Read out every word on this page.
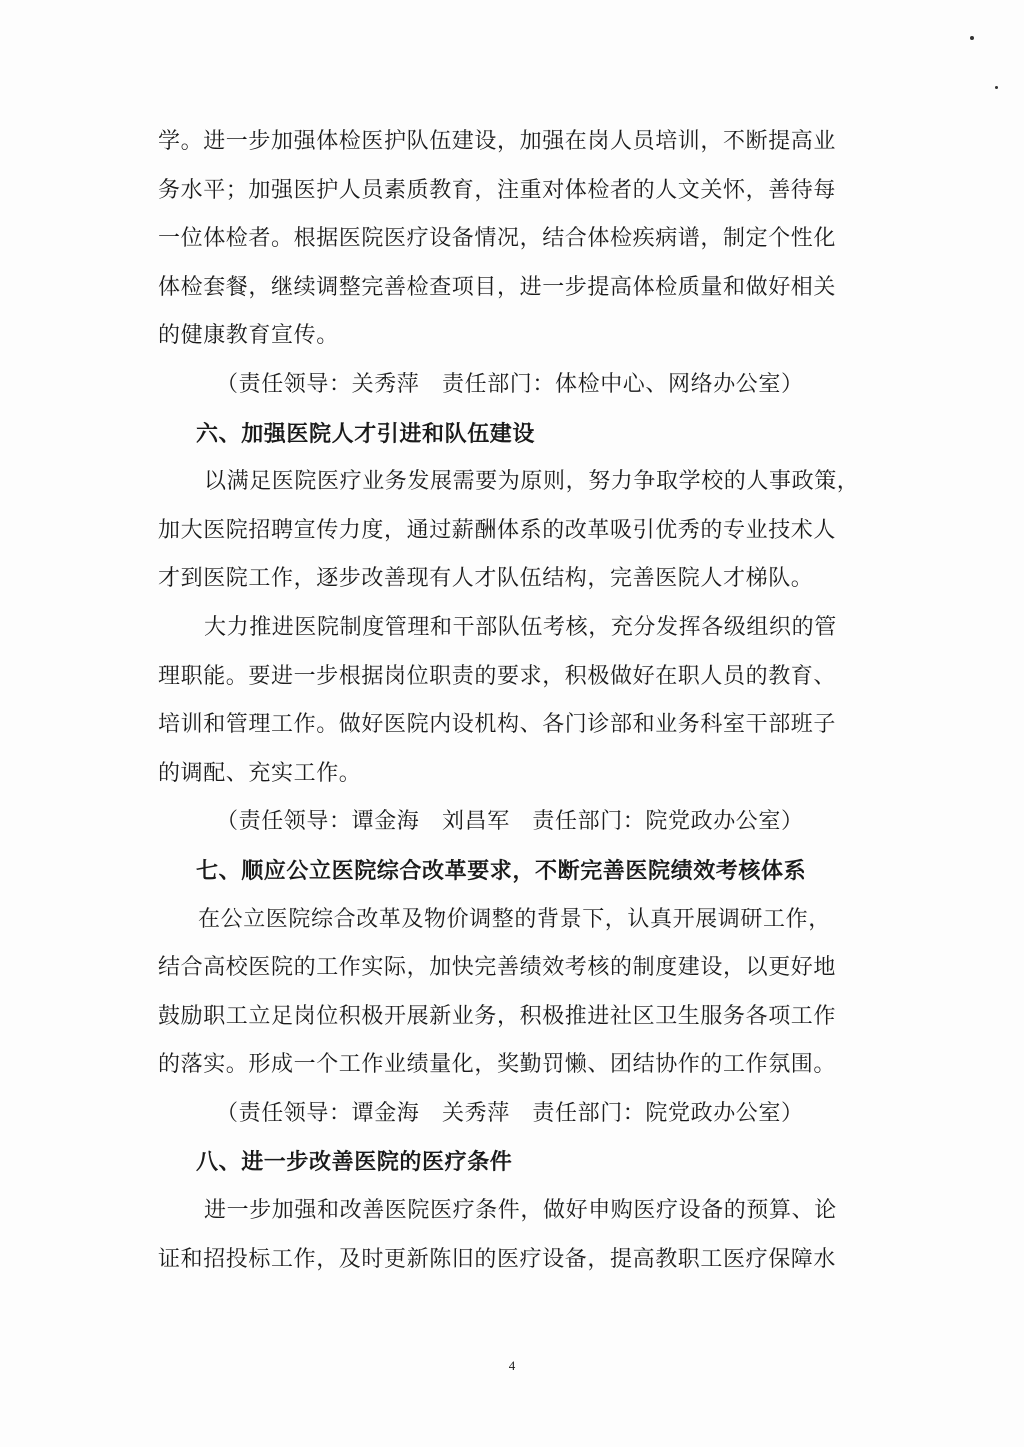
学。进一步加强体检医护队伍建设，加强在岗人员培训，不断提高业
务水平；加强医护人员素质教育，注重对体检者的人文关怀，善待每
一位体检者。根据医院医疗设备情况，结合体检疾病谱，制定个性化
体检套餐，继续调整完善检查项目，进一步提高体检质量和做好相关
的健康教育宣传。
（责任领导：关秀萍　责任部门：体检中心、网络办公室）
六、加强医院人才引进和队伍建设
以满足医院医疗业务发展需要为原则，努力争取学校的人事政策，
加大医院招聘宣传力度，通过薪酬体系的改革吸引优秀的专业技术人
才到医院工作，逐步改善现有人才队伍结构，完善医院人才梯队。
大力推进医院制度管理和干部队伍考核，充分发挥各级组织的管
理职能。要进一步根据岗位职责的要求，积极做好在职人员的教育、
培训和管理工作。做好医院内设机构、各门诊部和业务科室干部班子
的调配、充实工作。
（责任领导：谭金海　刘昌军　责任部门：院党政办公室）
七、顺应公立医院综合改革要求，不断完善医院绩效考核体系
在公立医院综合改革及物价调整的背景下，认真开展调研工作，
结合高校医院的工作实际，加快完善绩效考核的制度建设，以更好地
鼓励职工立足岗位积极开展新业务，积极推进社区卫生服务各项工作
的落实。形成一个工作业绩量化，奖勤罚懒、团结协作的工作氛围。
（责任领导：谭金海　关秀萍　责任部门：院党政办公室）
八、进一步改善医院的医疗条件
进一步加强和改善医院医疗条件，做好申购医疗设备的预算、论
证和招投标工作，及时更新陈旧的医疗设备，提高教职工医疗保障水
4
